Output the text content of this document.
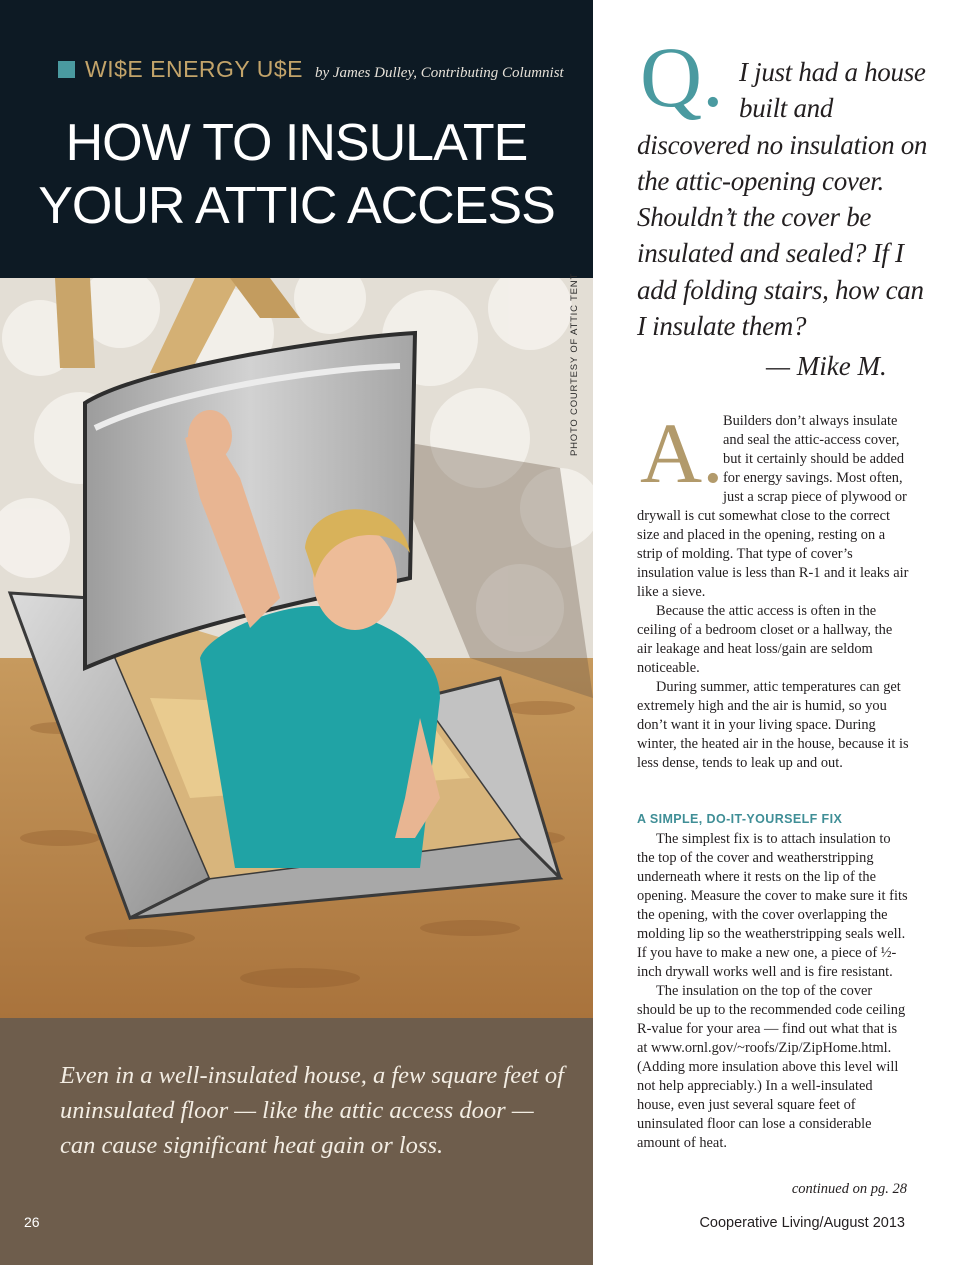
WI$E ENERGY U$E by James Dulley, Contributing Columnist
HOW TO INSULATE
YOUR ATTIC ACCESS
PHOTO COURTESY OF ATTIC TENT
Even in a well-insulated house, a few square feet of uninsulated floor — like the attic access door — can cause significant heat gain or loss.
26
Q. I just had a house built and discovered no insulation on the attic-opening cover. Shouldn’t the cover be insulated and sealed? If I add folding stairs, how can I insulate them?
— Mike M.
A. Builders don’t always insulate and seal the attic-access cover, but it certainly should be added for energy savings. Most often, just a scrap piece of plywood or drywall is cut somewhat close to the correct size and placed in the opening, resting on a strip of molding. That type of cover’s insulation value is less than R-1 and it leaks air like a sieve.

Because the attic access is often in the ceiling of a bedroom closet or a hallway, the air leakage and heat loss/gain are seldom noticeable.

During summer, attic temperatures can get extremely high and the air is humid, so you don’t want it in your living space. During winter, the heated air in the house, because it is less dense, tends to leak up and out.

A SIMPLE, DO-IT-YOURSELF FIX

The simplest fix is to attach insulation to the top of the cover and weatherstripping underneath where it rests on the lip of the opening. Measure the cover to make sure it fits the opening, with the cover overlapping the molding lip so the weatherstripping seals well. If you have to make a new one, a piece of ½-inch drywall works well and is fire resistant.

The insulation on the top of the cover should be up to the recommended code ceiling R-value for your area — find out what that is at www.ornl.gov/~roofs/Zip/ZipHome.html. (Adding more insulation above this level will not help appreciably.) In a well-insulated house, even just several square feet of uninsulated floor can lose a considerable amount of heat.

continued on pg. 28
Cooperative Living/August 2013
